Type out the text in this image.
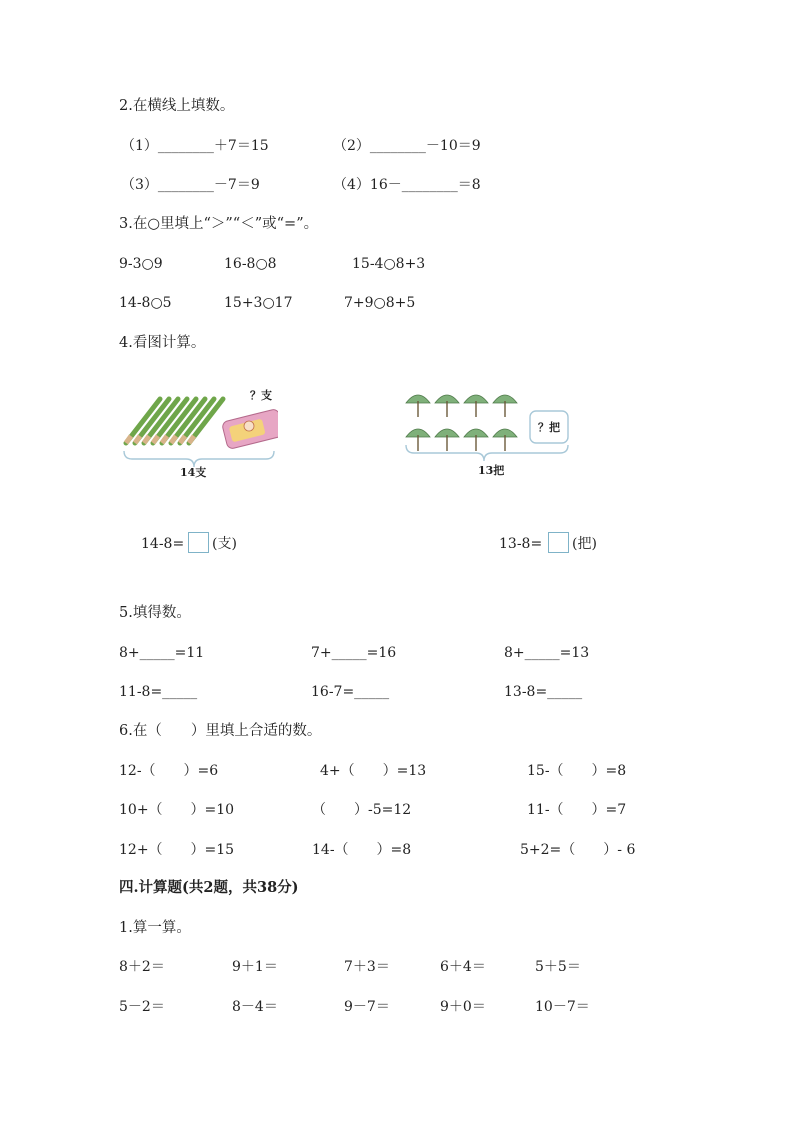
2.在横线上填数。
（1）________＋7＝15	（2）________－10＝9
（3）________－7＝9	（4）16－________＝8
3.在○里填上“＞”“＜”或“=”。
9-3○9	16-8○8	15-4○8+3
14-8○5	15+3○17	7+9○8+5
4.看图计算。
？支
14支
？把
13把
14-8= (支)	13-8= (把)
5.填得数。
8+_____=11	7+_____=16	8+_____=13
11-8=_____	16-7=_____	13-8=_____
6.在（　　）里填上合适的数。
12-（　　）=6	4+（　　）=13	15-（　　）=8
10+（　　）=10	（　　）-5=12	11-（　　）=7
12+（　　）=15	14-（　　）=8	5+2=（　　）- 6
四.计算题(共2题，共38分)
1.算一算。
8＋2＝	9＋1＝	7＋3＝	6＋4＝	5＋5＝
5－2＝	8－4＝	9－7＝	9＋0＝	10－7＝
